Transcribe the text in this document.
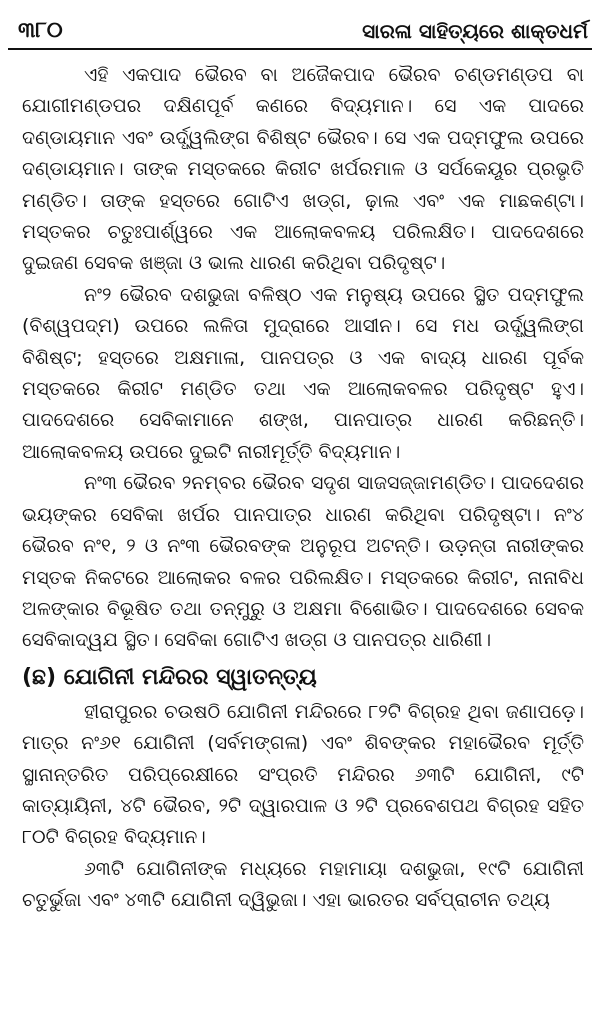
୩୮୦	ସାରଳା ସାହିତ୍ୟରେ ଶାକ୍ତଧର୍ମ

ଏହି ଏକପାଦ ଭୈରବ ବା ଅଜୈକପାଦ ଭୈରବ ଚଣ୍ଡମଣ୍ଡପ ବା ଯୋଗୀମଣ୍ଡପର ଦକ୍ଷିଣପୂର୍ବ କଣରେ ବିଦ୍ୟମାନ। ସେ ଏକ ପାଦରେ ଦଣ୍ଡାୟମାନ ଏବଂ ଉର୍ଦ୍ଧ୍ୱଲିଙ୍ଗ ବିଶିଷ୍ଟ ଭୈରବ। ସେ ଏକ ପଦ୍ମଫୁଲ ଉପରେ ଦଣ୍ଡାୟମାନ। ତାଙ୍କ ମସ୍ତକରେ କିରୀଟ ଖର୍ପରମାଳ ଓ ସର୍ପକେୟୂର ପ୍ରଭୃତି ମଣ୍ଡିତ। ତାଙ୍କ ହସ୍ତରେ ଗୋଟିଏ ଖଡ୍ଗ, ଢ଼ାଲ ଏବଂ ଏକ ମାଛକଣ୍ଟା। ମସ୍ତକର ଚତୁଃପାର୍ଶ୍ୱରେ ଏକ ଆଲୋକବଳୟ ପରିଲକ୍ଷିତ। ପାଦଦେଶରେ ଦୁଇଜଣ ସେବକ ଖଞ୍ଜା ଓ ଭାଲ ଧାରଣ କରିଥିବା ପରିଦୃଷ୍ଟ।

ନଂ୨ ଭୈରବ ଦଶଭୁଜା ବଳିଷ୍ଠ ଏକ ମନୁଷ୍ୟ ଉପରେ ସ୍ଥିତ ପଦ୍ମଫୁଲ (ବିଶ୍ୱପଦ୍ମ) ଉପରେ ଲଳିତା ମୁଦ୍ରାରେ ଆସୀନ। ସେ ମଧ ଉର୍ଦ୍ଧ୍ୱଲିଙ୍ଗ ବିଶିଷ୍ଟ; ହସ୍ତରେ ଅକ୍ଷମାଳା, ପାନପତ୍ର ଓ ଏକ ବାଦ୍ୟ ଧାରଣ ପୂର୍ବକ ମସ୍ତକରେ କିରୀଟ ମଣ୍ଡିତ ତଥା ଏକ ଆଲୋକବଳର ପରିଦୃଷ୍ଟ ହୁଏ। ପାଦଦେଶରେ ସେବିକାମାନେ ଶଙ୍ଖ, ପାନପାତ୍ର ଧାରଣ କରିଛନ୍ତି। ଆଲୋକବଳୟ ଉପରେ ଦୁଇଟି ନାରୀମୂର୍ତ୍ତି ବିଦ୍ୟମାନ।

ନଂ୩ ଭୈରବ ୨ନମ୍ବର ଭୈରବ ସଦୃଶ ସାଜସଜ୍ଜାମଣ୍ଡିତ। ପାଦଦେଶର ଭୟଙ୍କର ସେବିକା ଖର୍ପର ପାନପାତ୍ର ଧାରଣ କରିଥିବା ପରିଦୃଷ୍ଟା। ନଂ୪ ଭୈରବ ନଂ୧, ୨ ଓ ନଂ୩ ଭୈରବଙ୍କ ଅନୁରୂପ ଅଟନ୍ତି। ଉଡ଼ନ୍ତା ନାରୀଙ୍କର ମସ୍ତକ ନିକଟରେ ଆଲୋକର ବଳର ପରିଲକ୍ଷିତ। ମସ୍ତକରେ କିରୀଟ, ନାନାବିଧ ଅଳଙ୍କାର ବିଭୂଷିତ ତଥା ତନ୍ମୁରୁ ଓ ଅକ୍ଷମା ବିଶୋଭିତ। ପାଦଦେଶରେ ସେବକ ସେବିକାଦ୍ୱଯ ସ୍ଥିତ। ସେବିକା ଗୋଟିଏ ଖଡ୍ଗ ଓ ପାନପତ୍ର ଧାରିଣୀ।

(ଛ) ଯୋଗିନୀ ମନ୍ଦିରର ସ୍ୱାତନ୍ତ୍ୟ

ହୀରାପୁରର ଚଉଷଠି ଯୋଗିନୀ ମନ୍ଦିରରେ ୮୨ଟି ବିଗ୍ରହ ଥିବା ଜଣାପଡ଼େ। ମାତ୍ର ନଂ୬୧ ଯୋଗିନୀ (ସର୍ବମଙ୍ଗଳା) ଏବଂ ଶିବଙ୍କର ମହାଭୈରବ ମୂର୍ତ୍ତି ସ୍ଥାନାନ୍ତରିତ ପରିପ୍ରେକ୍ଷୀରେ ସଂପ୍ରତି ମନ୍ଦିରର ୬୩ଟି ଯୋଗିନୀ, ୯ଟି କାତ୍ୟାୟିନୀ, ୪ଟି ଭୈରବ, ୨ଟି ଦ୍ୱାରପାଳ ଓ ୨ଟି ପ୍ରବେଶପଥ ବିଗ୍ରହ ସହିତ ୮୦ଟି ବିଗ୍ରହ ବିଦ୍ୟମାନ।

୬୩ଟି ଯୋଗିନୀଙ୍କ ମଧ୍ୟରେ ମହାମାୟା ଦଶଭୁଜା, ୧୯ଟି ଯୋଗିନୀ ଚତୁର୍ଭୁଜା ଏବଂ ୪୩ଟି ଯୋଗିନୀ ଦ୍ୱିଭୁଜା। ଏହା ଭାରତର ସର୍ବପ୍ରାଚୀନ ତଥ୍ୟ
